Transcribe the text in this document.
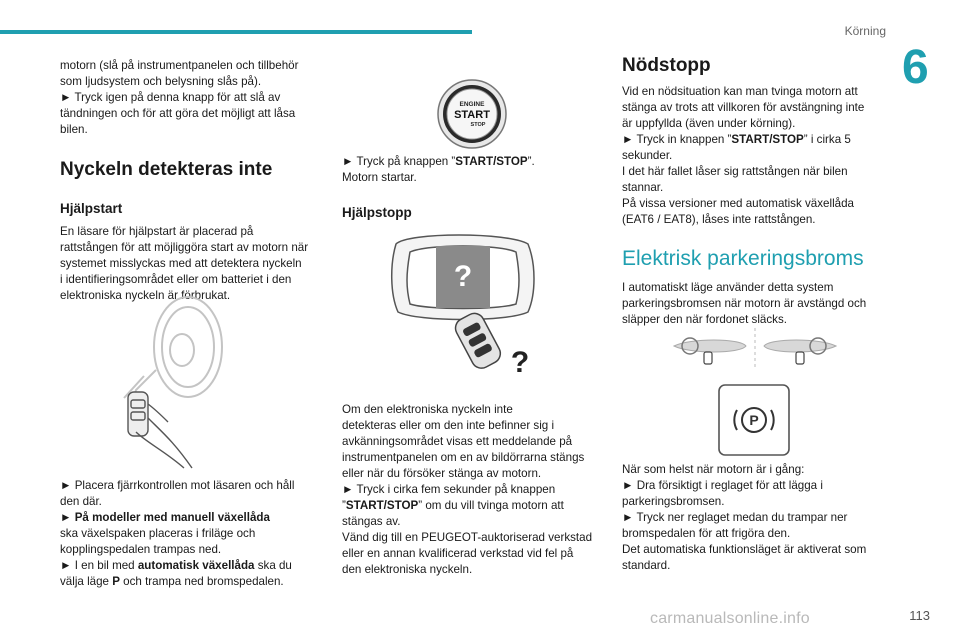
Körning
6

motorn (slå på instrumentpanelen och tillbehör

som ljudsystem och belysning slås på).

► Tryck igen på denna knapp för att slå av

tändningen och för att göra det möjligt att låsa

bilen.

Nyckeln detekteras inte
Hjälpstart

En läsare för hjälpstart är placerad på

rattstången för att möjliggöra start av motorn när

systemet misslyckas med att detektera nyckeln

i identifieringsområdet eller om batteriet i den

elektroniska nyckeln är förbrukat.

► Placera fjärrkontrollen mot läsaren och håll

den där.

► På modeller med manuell växellåda

ska växelspaken placeras i friläge och

kopplingspedalen trampas ned.

► I en bil med automatisk växellåda ska du

välja läge P och trampa ned bromspedalen.

ENGINE
START
STOP

► Tryck på knappen ”START/STOP”.

Motorn startar.

Hjälpstopp
?
?

Om den elektroniska nyckeln inte

detekteras eller om den inte befinner sig i

avkänningsområdet visas ett meddelande på

instrumentpanelen om en av bildörrarna stängs

eller när du försöker stänga av motorn.

► Tryck i cirka fem sekunder på knappen

”START/STOP” om du vill tvinga motorn att

stängas av.

Vänd dig till en PEUGEOT-auktoriserad verkstad

eller en annan kvalificerad verkstad vid fel på

den elektroniska nyckeln.

Nödstopp

Vid en nödsituation kan man tvinga motorn att

stänga av trots att villkoren för avstängning inte

är uppfyllda (även under körning).

► Tryck in knappen ”START/STOP” i cirka 5

sekunder.

I det här fallet låser sig rattstången när bilen

stannar.

På vissa versioner med automatisk växellåda

(EAT6 / EAT8), låses inte rattstången.

Elektrisk parkeringsbroms

I automatiskt läge använder detta system

parkeringsbromsen när motorn är avstängd och

släpper den när fordonet släcks.

P

När som helst när motorn är i gång:

► Dra försiktigt i reglaget för att lägga i

parkeringsbromsen.

► Tryck ner reglaget medan du trampar ner

bromspedalen för att frigöra den.

Det automatiska funktionsläget är aktiverat som

standard.

carmanualsonline.info	113
